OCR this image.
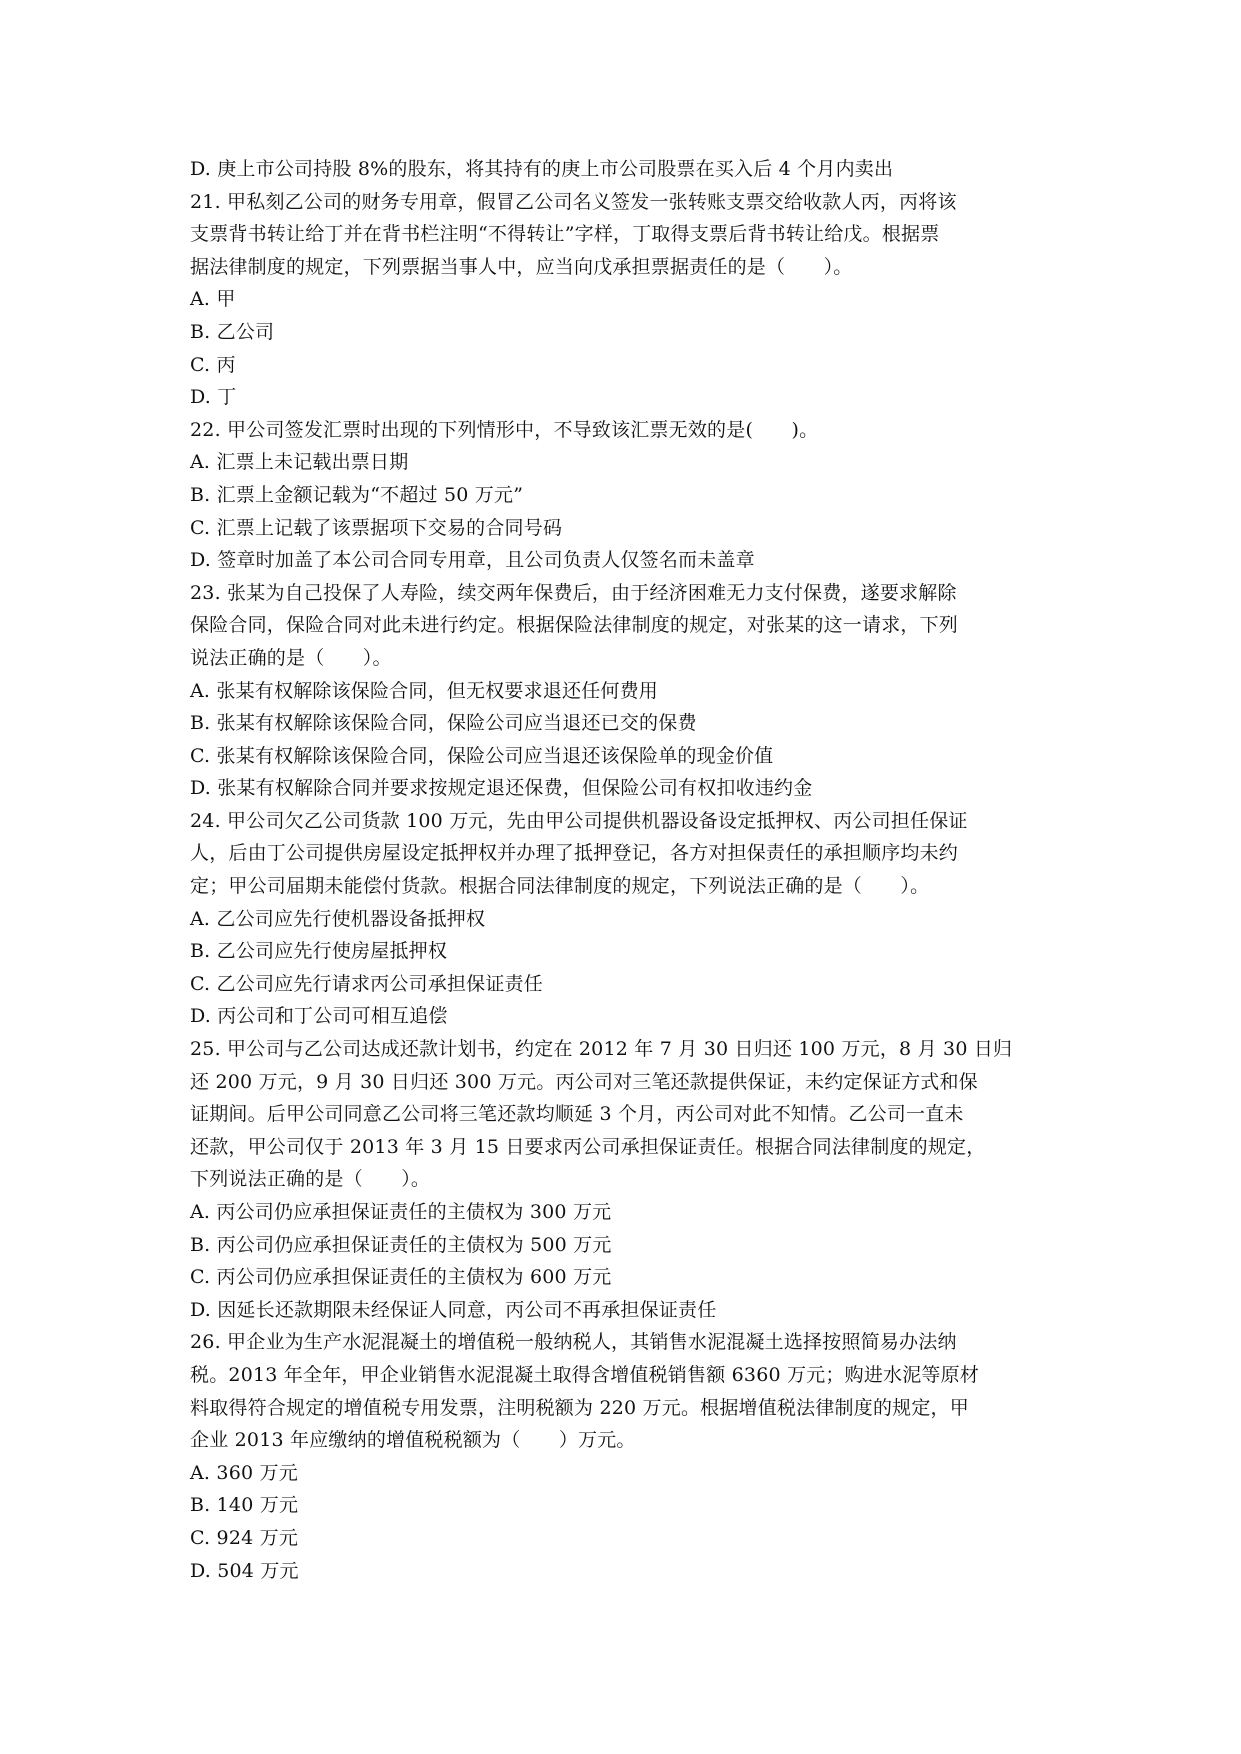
D. 庚上市公司持股 8%的股东，将其持有的庚上市公司股票在买入后 4 个月内卖出
21. 甲私刻乙公司的财务专用章，假冒乙公司名义签发一张转账支票交给收款人丙，丙将该
支票背书转让给丁并在背书栏注明“不得转让”字样，丁取得支票后背书转让给戊。根据票
据法律制度的规定，下列票据当事人中，应当向戊承担票据责任的是（　　）。
A. 甲
B. 乙公司
C. 丙
D. 丁
22. 甲公司签发汇票时出现的下列情形中，不导致该汇票无效的是(　　)。
A. 汇票上未记载出票日期
B. 汇票上金额记载为“不超过 50 万元”
C. 汇票上记载了该票据项下交易的合同号码
D. 签章时加盖了本公司合同专用章，且公司负责人仅签名而未盖章
23. 张某为自己投保了人寿险，续交两年保费后，由于经济困难无力支付保费，遂要求解除
保险合同，保险合同对此未进行约定。根据保险法律制度的规定，对张某的这一请求，下列
说法正确的是（　　）。
A. 张某有权解除该保险合同，但无权要求退还任何费用
B. 张某有权解除该保险合同，保险公司应当退还已交的保费
C. 张某有权解除该保险合同，保险公司应当退还该保险单的现金价值
D. 张某有权解除合同并要求按规定退还保费，但保险公司有权扣收违约金
24. 甲公司欠乙公司货款 100 万元，先由甲公司提供机器设备设定抵押权、丙公司担任保证
人，后由丁公司提供房屋设定抵押权并办理了抵押登记，各方对担保责任的承担顺序均未约
定；甲公司届期未能偿付货款。根据合同法律制度的规定，下列说法正确的是（　　）。
A. 乙公司应先行使机器设备抵押权
B. 乙公司应先行使房屋抵押权
C. 乙公司应先行请求丙公司承担保证责任
D. 丙公司和丁公司可相互追偿
25. 甲公司与乙公司达成还款计划书，约定在 2012 年 7 月 30 日归还 100 万元，8 月 30 日归
还 200 万元，9 月 30 日归还 300 万元。丙公司对三笔还款提供保证，未约定保证方式和保
证期间。后甲公司同意乙公司将三笔还款均顺延 3 个月，丙公司对此不知情。乙公司一直未
还款，甲公司仅于 2013 年 3 月 15 日要求丙公司承担保证责任。根据合同法律制度的规定，
下列说法正确的是（　　）。
A. 丙公司仍应承担保证责任的主债权为 300 万元
B. 丙公司仍应承担保证责任的主债权为 500 万元
C. 丙公司仍应承担保证责任的主债权为 600 万元
D. 因延长还款期限未经保证人同意，丙公司不再承担保证责任
26. 甲企业为生产水泥混凝土的增值税一般纳税人，其销售水泥混凝土选择按照简易办法纳
税。2013 年全年，甲企业销售水泥混凝土取得含增值税销售额 6360 万元；购进水泥等原材
料取得符合规定的增值税专用发票，注明税额为 220 万元。根据增值税法律制度的规定，甲
企业 2013 年应缴纳的增值税税额为（　　）万元。
A. 360 万元
B. 140 万元
C. 924 万元
D. 504 万元
